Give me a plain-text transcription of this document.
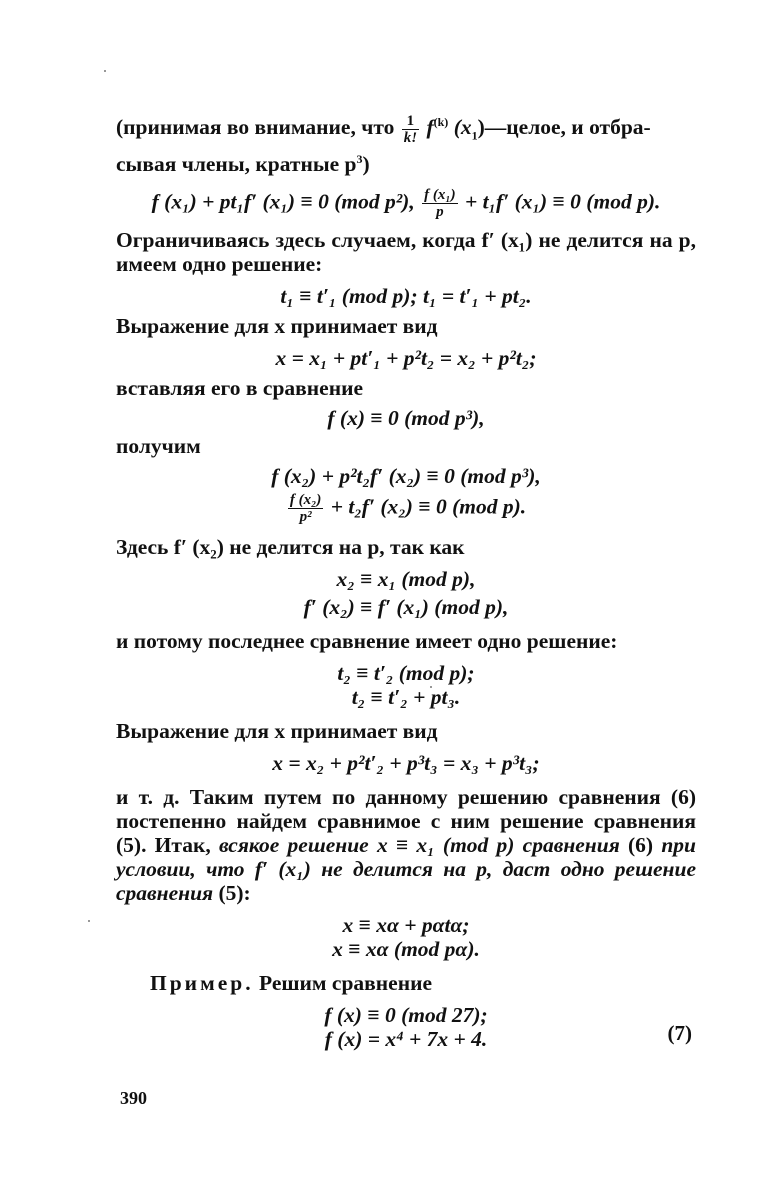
(принимая во внимание, что $\frac{1}{k!} f^{(k)}$ $(x_1)—целое$, и отбра-
сывая члены, кратные $p^3$)

f (x₁) + pt₁f′ (x₁) ≡ 0 (mod p²), $\frac{\text{f (x₁)}}{p} + t_1f'$ (x₁) ≡ 0 (mod p).

Ограничиваясь здесь случаем, когда f′ (x₁) не делится на p, имеем одно решение:

t₁ ≡ t′₁ (mod p); t₁ = t′₁ + pt₂.

Выражение для x принимает вид

x = x₁ + pt′₁ + p²t₂ = x₂ + p²t₂;

вставляя его в сравнение

f (x) ≡ 0 (mod p³),

получим

f (x₂) + p²t₂f′ (x₂) ≡ 0 (mod p³),

$\frac{\text{f (x₂)}}{\text{p²}} + t_2f'$ (x₂) ≡ 0 (mod p).

Здесь f′ (x₂) не делится на p, так как

x₂ ≡ x₁ (mod p),

f′ (x₂) ≡ f′ (x₁) (mod p),

и потому последнее сравнение имеет одно решение:

t₂ ≡ t′₂ (mod p);

t₂ ≡ t′₂ + pt₃.

Выражение для x принимает вид

x = x₂ + p²t′₂ + p³t₃ = x₃ + p³t₃;

и т. д. Таким путем по данному решению сравнения (6) постепенно найдем сравнимое с ним решение сравнения (5). Итак, всякое решение x ≡ x₁ (mod p) сравнения (6) при условии, что f′ (x₁) не делится на p, даст одно решение сравнения (5):

x ≡ xα + pαtα;

x ≡ xα (mod pα).

Пример. Решим сравнение

f (x) ≡ 0 (mod 27);

f (x) = x⁴ + 7x + 4.	(7)
390
